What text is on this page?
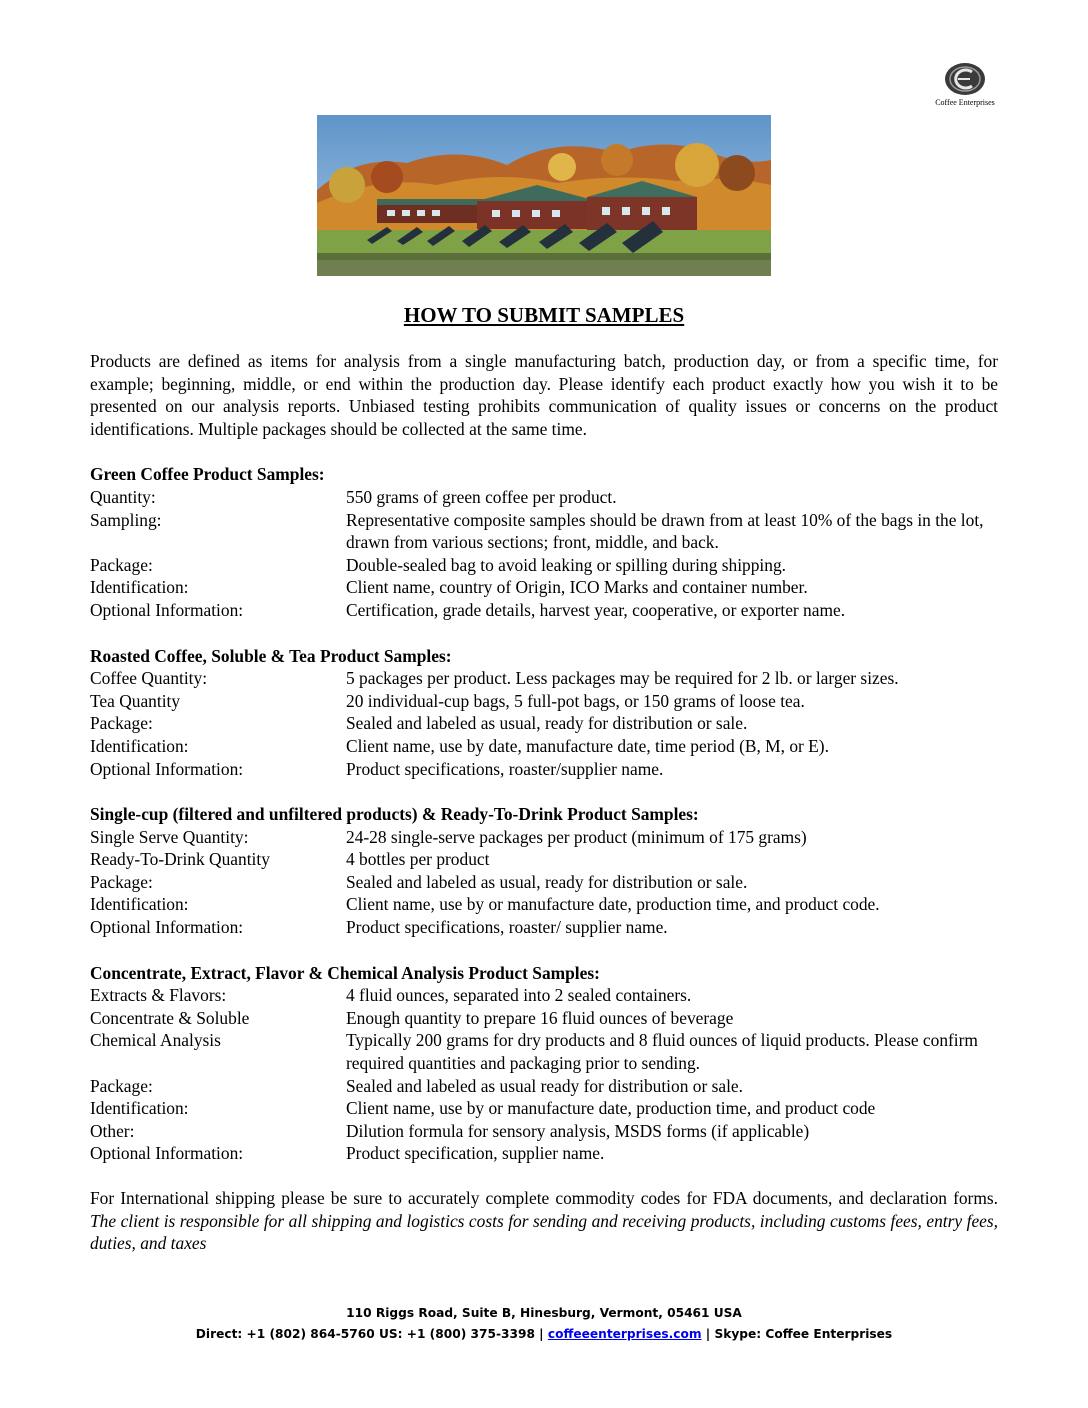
Coffee Enterprises
HOW TO SUBMIT SAMPLES

Products are defined as items for analysis from a single manufacturing batch, production day, or from a specific time, for example; beginning, middle, or end within the production day. Please identify each product exactly how you wish it to be presented on our analysis reports. Unbiased testing prohibits communication of quality issues or concerns on the product identifications. Multiple packages should be collected at the same time.

Green Coffee Product Samples:
Quantity:	550 grams of green coffee per product.
Sampling:	Representative composite samples should be drawn from at least 10% of the bags in the lot, drawn from various sections; front, middle, and back.
Package:	Double-sealed bag to avoid leaking or spilling during shipping.
Identification:	Client name, country of Origin, ICO Marks and container number.
Optional Information:	Certification, grade details, harvest year, cooperative, or exporter name.
Roasted Coffee, Soluble & Tea Product Samples:
Coffee Quantity:	5 packages per product. Less packages may be required for 2 lb. or larger sizes.
Tea Quantity	20 individual-cup bags, 5 full-pot bags, or 150 grams of loose tea.
Package:	Sealed and labeled as usual, ready for distribution or sale.
Identification:	Client name, use by date, manufacture date, time period (B, M, or E).
Optional Information:	Product specifications, roaster/supplier name.
Single-cup (filtered and unfiltered products) & Ready-To-Drink Product Samples:
Single Serve Quantity:	24-28 single-serve packages per product (minimum of 175 grams)
Ready-To-Drink Quantity	4 bottles per product
Package:	Sealed and labeled as usual, ready for distribution or sale.
Identification:	Client name, use by or manufacture date, production time, and product code.
Optional Information:	Product specifications, roaster/ supplier name.
Concentrate, Extract, Flavor & Chemical Analysis Product Samples:
Extracts & Flavors:	4 fluid ounces, separated into 2 sealed containers.
Concentrate & Soluble	Enough quantity to prepare 16 fluid ounces of beverage
Chemical Analysis	Typically 200 grams for dry products and 8 fluid ounces of liquid products. Please confirm required quantities and packaging prior to sending.
Package:	Sealed and labeled as usual ready for distribution or sale.
Identification:	Client name, use by or manufacture date, production time, and product code
Other:	Dilution formula for sensory analysis, MSDS forms (if applicable)
Optional Information:	Product specification, supplier name.

For International shipping please be sure to accurately complete commodity codes for FDA documents, and declaration forms. The client is responsible for all shipping and logistics costs for sending and receiving products, including customs fees, entry fees, duties, and taxes

110 Riggs Road, Suite B, Hinesburg, Vermont, 05461 USA
Direct: +1 (802) 864-5760 US: +1 (800) 375-3398 | coffeeenterprises.com | Skype: Coffee Enterprises
